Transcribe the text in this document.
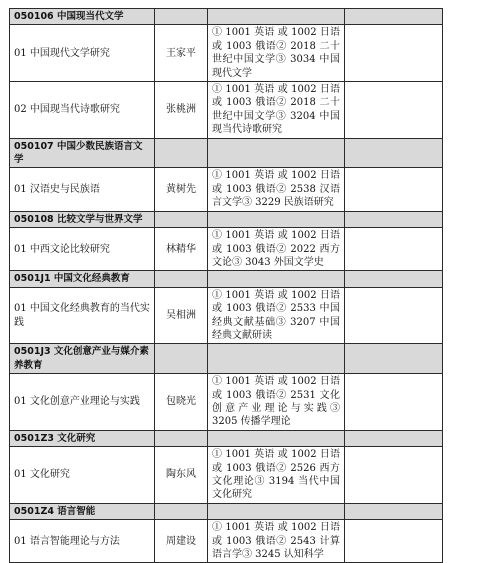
050106 中国现当代文学			
01 中国现代文学研究	王家平	① 1001 英语 或 1002 日语 或 1003 俄语② 2018 二十世纪中国文学③ 3034 中国现代文学	
02 中国现当代诗歌研究	张桃洲	① 1001 英语 或 1002 日语 或 1003 俄语② 2018 二十世纪中国文学③ 3204 中国现当代诗歌研究	
050107 中国少数民族语言文学			
01 汉语史与民族语	黄树先	① 1001 英语 或 1002 日语 或 1003 俄语② 2538 汉语言文学③ 3229 民族语研究	
050108 比较文学与世界文学			
01 中西文论比较研究	林精华	① 1001 英语 或 1002 日语 或 1003 俄语② 2022 西方文论③ 3043 外国文学史	
0501J1 中国文化经典教育			
01 中国文化经典教育的当代实践	吴相洲	① 1001 英语 或 1002 日语 或 1003 俄语② 2533 中国经典文献基础③ 3207 中国经典文献研读	
0501J3 文化创意产业与媒介素养教育			
01 文化创意产业理论与实践	包晓光	① 1001 英语 或 1002 日语 或 1003 俄语② 2531 文化创意产业理论与实践③ 3205 传播学理论	
0501Z3 文化研究			
01 文化研究	陶东风	① 1001 英语 或 1002 日语 或 1003 俄语② 2526 西方文化理论③ 3194 当代中国文化研究	
0501Z4 语言智能			
01 语言智能理论与方法	周建设	① 1001 英语 或 1002 日语 或 1003 俄语② 2543 计算语言学③ 3245 认知科学	
